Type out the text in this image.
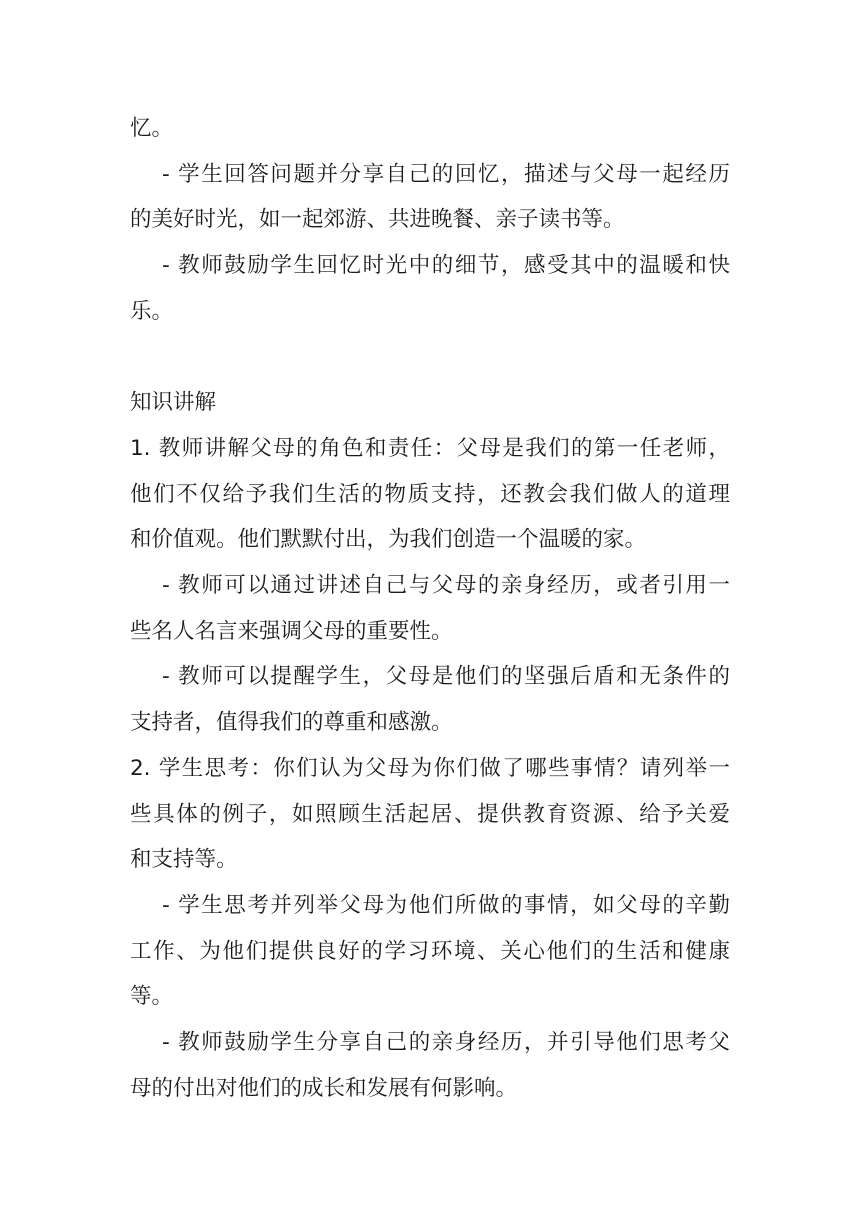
忆。
- 学生回答问题并分享自己的回忆，描述与父母一起经历
的美好时光，如一起郊游、共进晚餐、亲子读书等。
- 教师鼓励学生回忆时光中的细节，感受其中的温暖和快
乐。
知识讲解
1. 教师讲解父母的角色和责任：父母是我们的第一任老师，
他们不仅给予我们生活的物质支持，还教会我们做人的道理
和价值观。他们默默付出，为我们创造一个温暖的家。
- 教师可以通过讲述自己与父母的亲身经历，或者引用一
些名人名言来强调父母的重要性。
- 教师可以提醒学生，父母是他们的坚强后盾和无条件的
支持者，值得我们的尊重和感激。
2. 学生思考：你们认为父母为你们做了哪些事情？请列举一
些具体的例子，如照顾生活起居、提供教育资源、给予关爱
和支持等。
- 学生思考并列举父母为他们所做的事情，如父母的辛勤
工作、为他们提供良好的学习环境、关心他们的生活和健康
等。
- 教师鼓励学生分享自己的亲身经历，并引导他们思考父
母的付出对他们的成长和发展有何影响。
